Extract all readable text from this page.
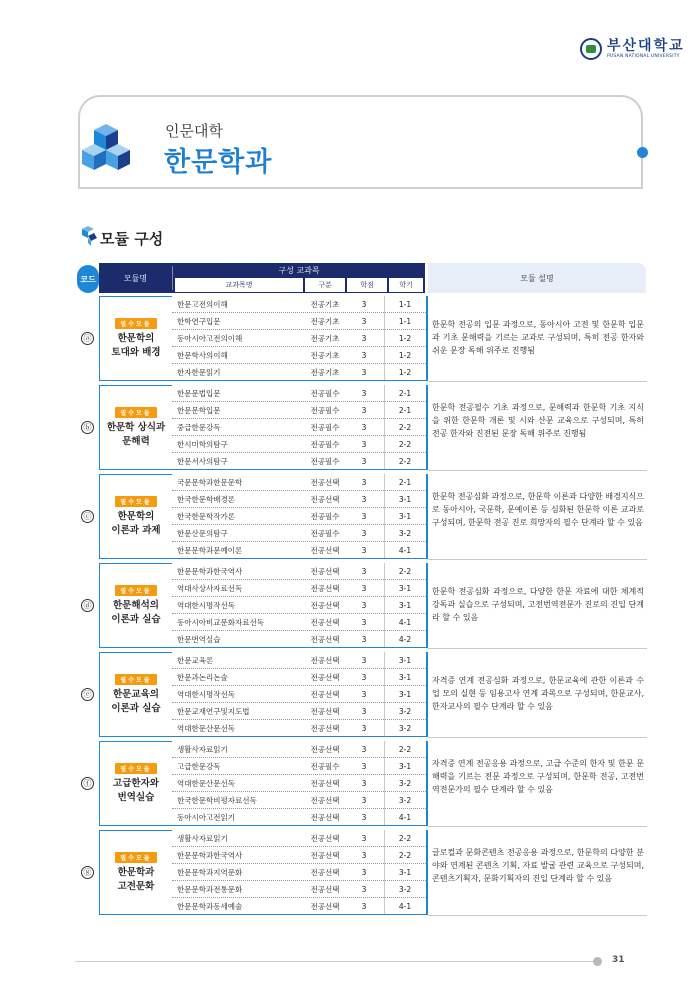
부산대학교
PUSAN NATIONAL UNIVERSITY
인문대학
한문학과
모듈 구성
코드	모듈명
구성 교과목
교과목명	구분	학점	학기
모듈 설명
ⓐ
필수모듈
한문학의
토대와 배경
한문고전의이해	전공기초	3	1-1
한학연구입문	전공기초	3	1-1
동아시아고전의이해	전공기초	3	1-2
한문학사의이해	전공기초	3	1-2
한자한문읽기	전공기초	3	1-2
한문학 전공의 입문 과정으로, 동아시아 고전 및 한문학 입문과 기초 문해력을 기르는 교과로 구성되며, 특히 전공 한자와 쉬운 문장 독해 위주로 진행됨
ⓑ
필수모듈
한문학 상식과
문해력
한문문법입문	전공필수	3	2-1
한문문학입문	전공필수	3	2-1
중급한문강독	전공필수	3	2-2
한시미학의탐구	전공필수	3	2-2
한문서사의탐구	전공필수	3	2-2
한문학 전공필수 기초 과정으로, 문해력과 한문학 기초 지식을 위한 한문학 개론 및 시와 산문 교육으로 구성되며, 특히 전공 한자와 진전된 문장 독해 위주로 진행됨
ⓒ
필수모듈
한문학의
이론과 과제
국문문학과한문문학	전공선택	3	2-1
한국한문학배경론	전공선택	3	3-1
한국한문학작가론	전공필수	3	3-1
한문산문의탐구	전공필수	3	3-2
한문문학과문예이론	전공선택	3	4-1
한문학 전공심화 과정으로, 한문학 이론과 다양한 배경지식으로 동아시아, 국문학, 문예이론 등 심화된 한문학 이론 교과로 구성되며, 한문학 전공 진로 희망자의 필수 단계라 할 수 있음
ⓓ
필수모듈
한문해석의
이론과 실습
한문문학과한국역사	전공선택	3	2-2
역대사상사자료선독	전공선택	3	3-1
역대한시명작선독	전공선택	3	3-1
동아시아비교문화자료선독	전공선택	3	4-1
한문번역실습	전공선택	3	4-2
한문학 전공심화 과정으로, 다양한 한문 자료에 대한 체계적 강독과 실습으로 구성되며, 고전번역전문가 진로의 진입 단계라 할 수 있음
ⓔ
필수모듈
한문교육의
이론과 실습
한문교육론	전공선택	3	3-1
한문과논리논술	전공선택	3	3-1
역대한시명작선독	전공선택	3	3-1
한문교재연구및지도법	전공선택	3	3-2
역대한문산문선독	전공선택	3	3-2
자격증 연계 전공심화 과정으로, 한문교육에 관한 이론과 수업 모의 실현 등 임용고사 연계 과목으로 구성되며, 한문교사, 한자교사의 필수 단계라 할 수 있음
ⓕ
필수모듈
고급한자와
번역실습
생활사자료읽기	전공선택	3	2-2
고급한문강독	전공필수	3	3-1
역대한문산문선독	전공선택	3	3-2
한국한문학비평자료선독	전공선택	3	3-2
동아시아고전읽기	전공선택	3	4-1
자격증 연계 전공응용 과정으로, 고급 수준의 한자 및 한문 문해력을 기르는 전문 과정으로 구성되며, 한문학 전공, 고전번역전문가의 필수 단계라 할 수 있음
ⓖ
필수모듈
한문학과
고전문화
생활사자료읽기	전공선택	3	2-2
한문문학과한국역사	전공선택	3	2-2
한문문학과지역문화	전공선택	3	3-1
한문문학과전통문화	전공선택	3	3-2
한문문학과동세예술	전공선택	3	4-1
글로컬과 문화콘텐츠 전공응용 과정으로, 한문학의 다양한 분야와 연계된 콘텐츠 기획, 자료 발굴 관련 교육으로 구성되며, 콘텐츠기획자, 문화기획자의 진입 단계라 할 수 있음
31
